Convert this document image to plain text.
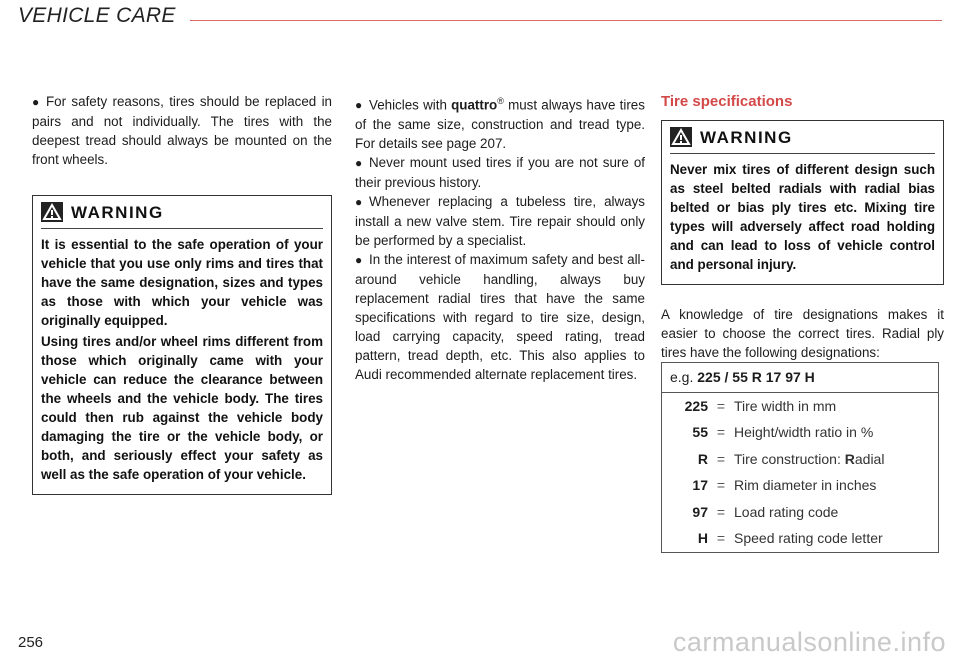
VEHICLE CARE

● For safety reasons, tires should be replaced in pairs and not individually. The tires with the deepest tread should always be mounted on the front wheels.

WARNING

It is essential to the safe operation of your vehicle that you use only rims and tires that have the same designation, sizes and types as those with which your vehicle was originally equipped.

Using tires and/or wheel rims different from those which originally came with your vehicle can reduce the clearance between the wheels and the vehicle body. The tires could then rub against the vehicle body damaging the tire or the vehicle body, or both, and seriously effect your safety as well as the safe operation of your vehicle.

● Vehicles with quattro® must always have tires of the same size, construction and tread type. For details see page 207.

● Never mount used tires if you are not sure of their previous history.

● Whenever replacing a tubeless tire, always install a new valve stem. Tire repair should only be performed by a specialist.

● In the interest of maximum safety and best all-around vehicle handling, always buy replacement radial tires that have the same specifications with regard to tire size, design, load carrying capacity, speed rating, tread pattern, tread depth, etc. This also applies to Audi recommended alternate replacement tires.

Tire specifications
WARNING

Never mix tires of different design such as steel belted radials with radial bias belted or bias ply tires etc. Mixing tire types will adversely affect road holding and can lead to loss of vehicle control and personal injury.

A knowledge of tire designations makes it easier to choose the correct tires. Radial ply tires have the following designations:

e.g. 225 / 55 R 17 97 H
225 = Tire width in mm
55 = Height/width ratio in %
R = Tire construction: Radial
17 = Rim diameter in inches
97 = Load rating code
H = Speed rating code letter
256	carmanualsonline.info
